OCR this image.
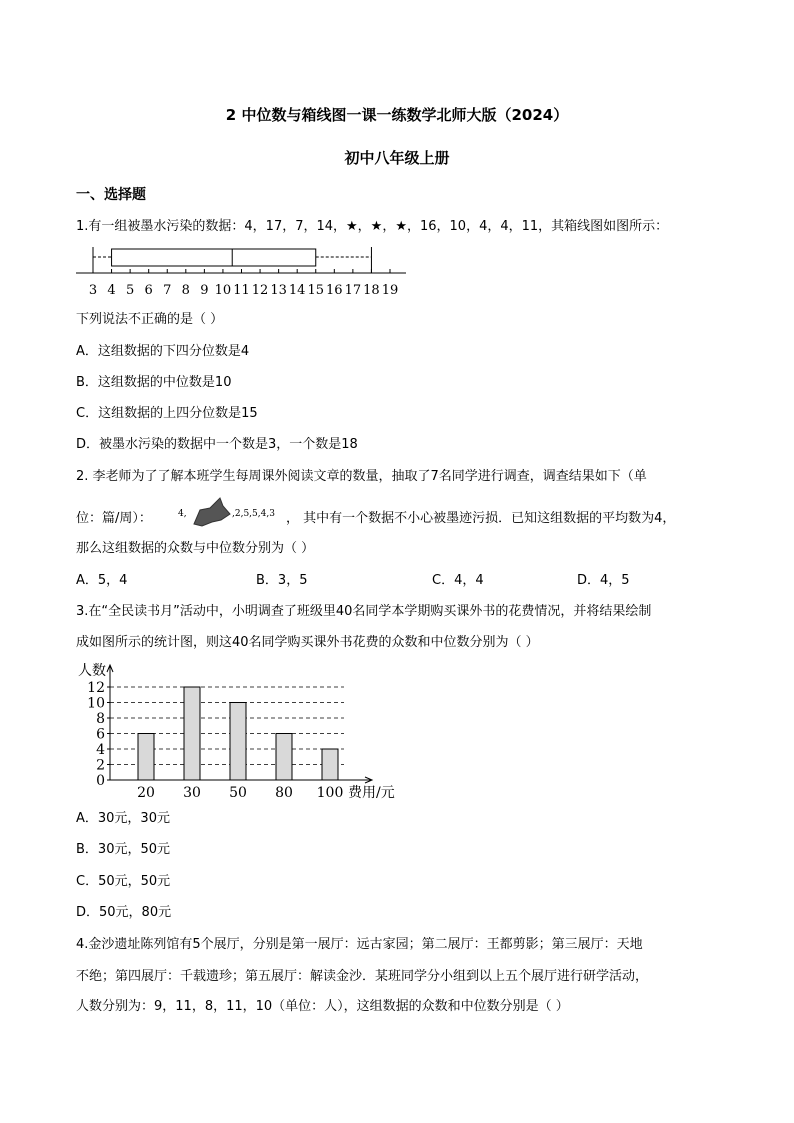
2 中位数与箱线图一课一练数学北师大版（2024）
初中八年级上册
一、选择题
1.有一组被墨水污染的数据：4，17，7，14，★，★，★，16，10，4，4，11，其箱线图如图所示：
3 4 5 6 7 8 9 10 11 12 13 14 15 16 17 18 19
下列说法不正确的是（ ）
A．这组数据的下四分位数是4
B．这组数据的中位数是10
C．这组数据的上四分位数是15
D．被墨水污染的数据中一个数是3，一个数是18
2. 李老师为了了解本班学生每周课外阅读文章的数量，抽取了7名同学进行调查，调查结果如下（单
位：篇/周）：	4,	,2,5,5,4,3 ， 其中有一个数据不小心被墨迹污损．已知这组数据的平均数为4，
那么这组数据的众数与中位数分别为（ ）
A．5，4	B．3，5	C．4，4	D．4，5
3.在“全民读书月”活动中，小明调查了班级里40名同学本学期购买课外书的花费情况，并将结果绘制
成如图所示的统计图，则这40名同学购买课外书花费的众数和中位数分别为（ ）
人数
0
2
4
6
8
10
12
20 30 50 80 100 费用/元
A．30元，30元
B．30元，50元
C．50元，50元
D．50元，80元
4.金沙遗址陈列馆有5个展厅，分别是第一展厅：远古家园；第二展厅：王都剪影；第三展厅：天地
不绝；第四展厅：千载遗珍；第五展厅：解读金沙．某班同学分小组到以上五个展厅进行研学活动，
人数分别为：9，11，8，11，10（单位：人），这组数据的众数和中位数分别是（ ）
